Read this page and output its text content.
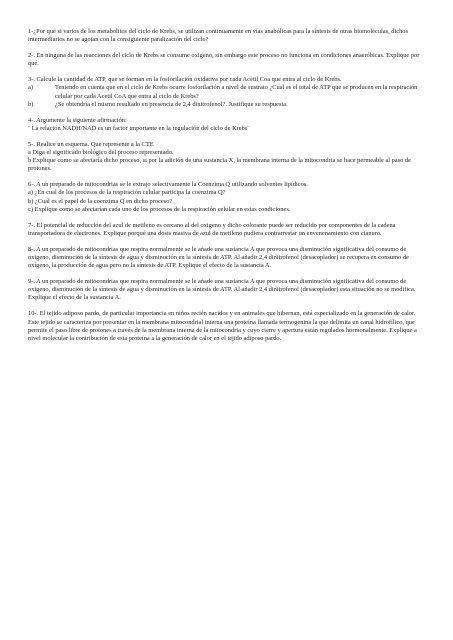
1-¿Por qué si varios de los metabolitos del ciclo de Krebs, se utilizan continuamente en vías anabólicas para la síntesis de otras biomoléculas, dichos intermediarios no se agotan con la consiguiente paralización del ciclo?

2-. En ninguna de las reacciones del ciclo de Krebs se consume oxigeno, sin embargo este proceso no funciona en condiciones anaeróbicas. Explique por qué.

3-. Calcule la cantidad de ATP, que se forman en la fosforilación oxidativa por cada Acetil Coa que entra al ciclo de Krebs.

a)	Teniendo en cuenta que en el ciclo de Krebs ocurre fosforilación a nivel de sustrato ¿Cual es el total de ATP que se producen en la respiración celular por cada Acetil CoA que entra al ciclo de Krebs?
b)	¿Se obtendría el mismo resultado en presencia de 2,4 dinitrofenol?. Justifique su respuesta.

4-. Argumente la siguiente afirmación:

¨ La relación NADH/NAD es un factor importante en la regulación del ciclo de Krebs¨

5-. Realice un esquema. Que represente a la CTE

a Diga el significado biológico del proceso representado.

b Explique como se afectaría dicho proceso, si por la adición de una sustancia X, la membrana interna de la mitocondria se hace permeable al paso de protones.

6-. A un preparado de mitocondrias se le extrajo selectivamente la Coenzima Q utilizando solventes lipídicos.

a) ¿En cual de los procesos de la respiración celular participa la coenzima Q?

b) ¿Cuál es el papel de la coenzima Q en dicho proceso?

c) Explique como se afectarían cada uno de los procesos de la respiración celular en estas condiciones.

7-. El potencial de reducción del azul de metileno es cercano al del oxigeno y dicho colorante puede ser reducido por componentes de la cadena transportadora de electrones. Explique porqué una dosis masiva de azul de metileno pudiera contrarrestar un envenenamiento con cianuro.

8-. A un preparado de mitocondrias que respira normalmente se le añade una sustancia A que provoca una disminución significativa del consumo de oxigeno, disminución de la síntesis de agua y disminución en la síntesis de ATP. Al añadir 2,4 dinitrofenol (desacoplador) se recupera en consumo de oxígeno, la producción de agua pero no la síntesis de ATP. Explique el efecto de la sustancia A.

9-. A un preparado de mitocondrias que respira normalmente se le añade una sustancia A que provoca una disminución significativa del consumo de oxigeno, disminución de la síntesis de agua y disminución en la síntesis de ATP. Al añadir 2,4 dinitrofenol (desacoplador) esta situación no se modifica. Explique el efecto de la sustancia A.

10-. El tejido adiposo pardo, de particular importancia en niños recién nacidos y en animales que hibernan, está especializado en la generación de calor. Este tejido se caracteriza por presentar en la membrana mitocondrial interna una proteína llamada termogenina la que delimita un canal hidrofílico, que permite el paso libre de protones a través de la membrana interna de la mitocondria y cuyo cierre y apertura están regulados hormonalmente. Explique a nivel molecular la contribución de esta proteína a la generación de calor en el tejido adiposo pardo.
